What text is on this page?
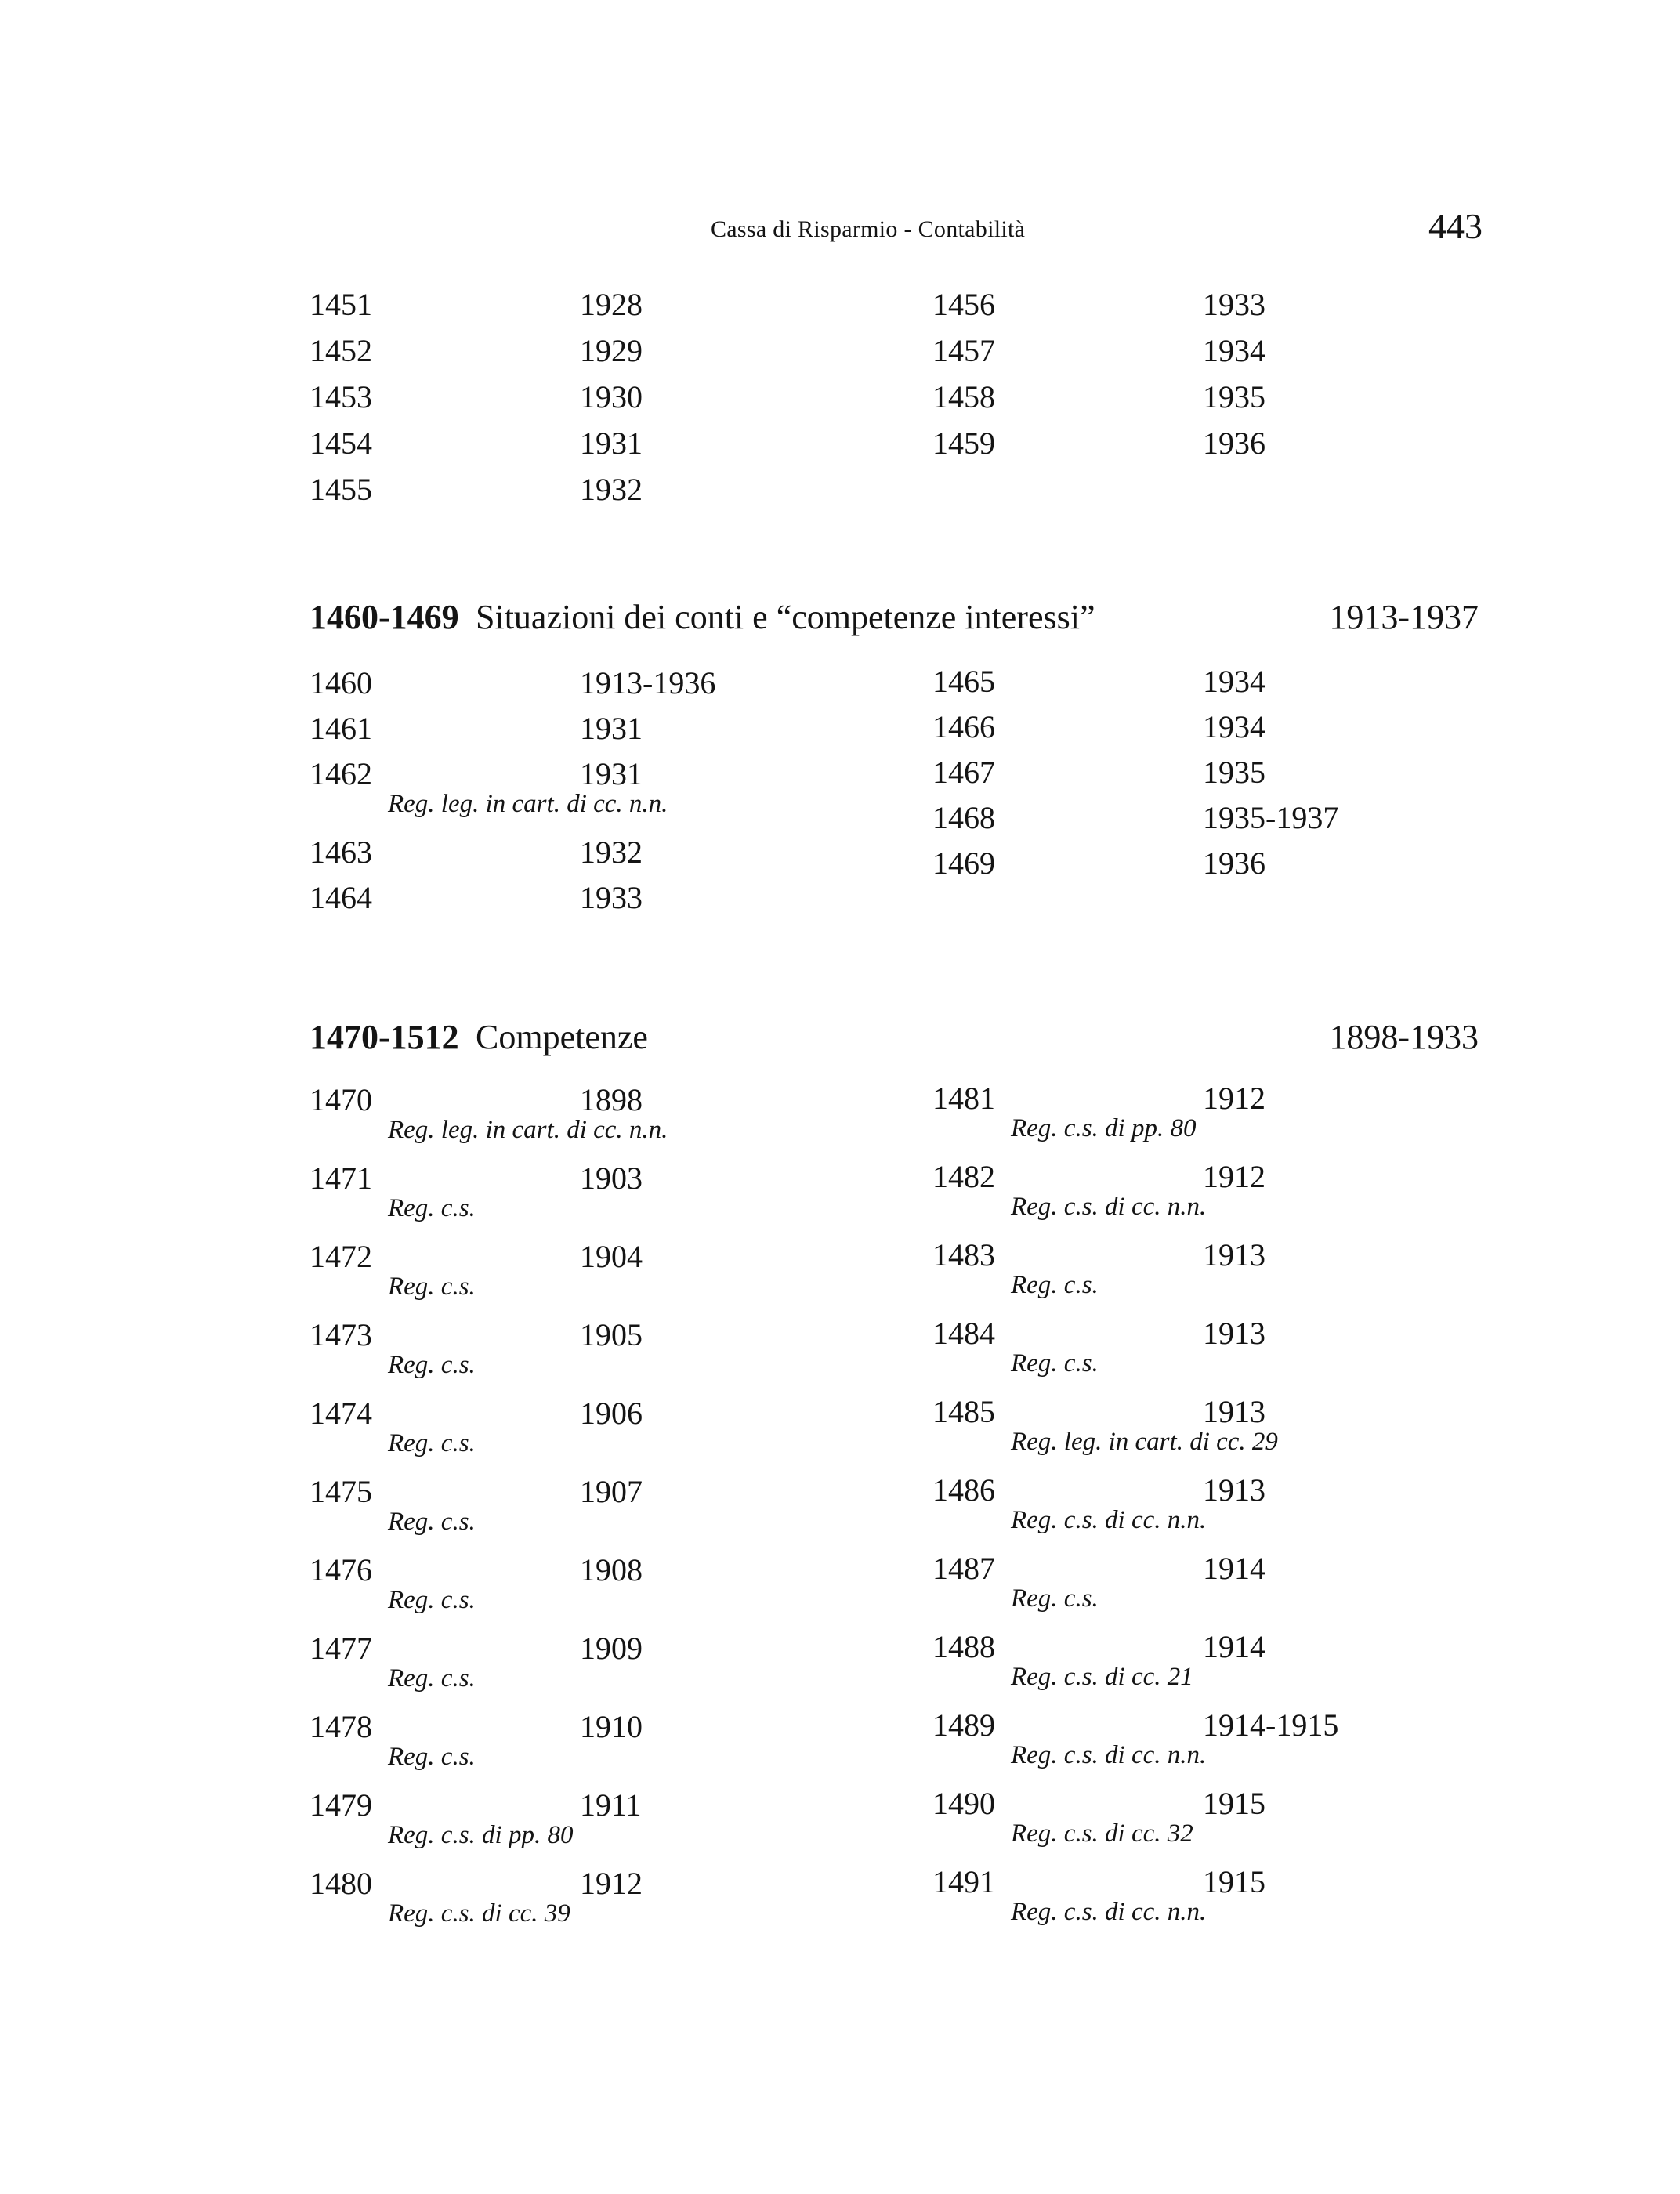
Cassa di Risparmio - Contabilità	443
1460-1469 Situazioni dei conti e “competenze interessi”	1913-1937
1470-1512 Competenze	1898-1933
1451	1928
1452	1929
1453	1930
1454	1931
1455	1932
1456	1933
1457	1934
1458	1935
1459	1936
1460	1913-1936
1461	1931
1462	1931
Reg. leg. in cart. di cc. n.n.
1463	1932
1464	1933
1465	1934
1466	1934
1467	1935
1468	1935-1937
1469	1936
1470	1898
Reg. leg. in cart. di cc. n.n.
1471	1903
Reg. c.s.
1472	1904
Reg. c.s.
1473	1905
Reg. c.s.
1474	1906
Reg. c.s.
1475	1907
Reg. c.s.
1476	1908
Reg. c.s.
1477	1909
Reg. c.s.
1478	1910
Reg. c.s.
1479	1911
Reg. c.s. di pp. 80
1480	1912
Reg. c.s. di cc. 39
1481	1912
Reg. c.s. di pp. 80
1482	1912
Reg. c.s. di cc. n.n.
1483	1913
Reg. c.s.
1484	1913
Reg. c.s.
1485	1913
Reg. leg. in cart. di cc. 29
1486	1913
Reg. c.s. di cc. n.n.
1487	1914
Reg. c.s.
1488	1914
Reg. c.s. di cc. 21
1489	1914-1915
Reg. c.s. di cc. n.n.
1490	1915
Reg. c.s. di cc. 32
1491	1915
Reg. c.s. di cc. n.n.
